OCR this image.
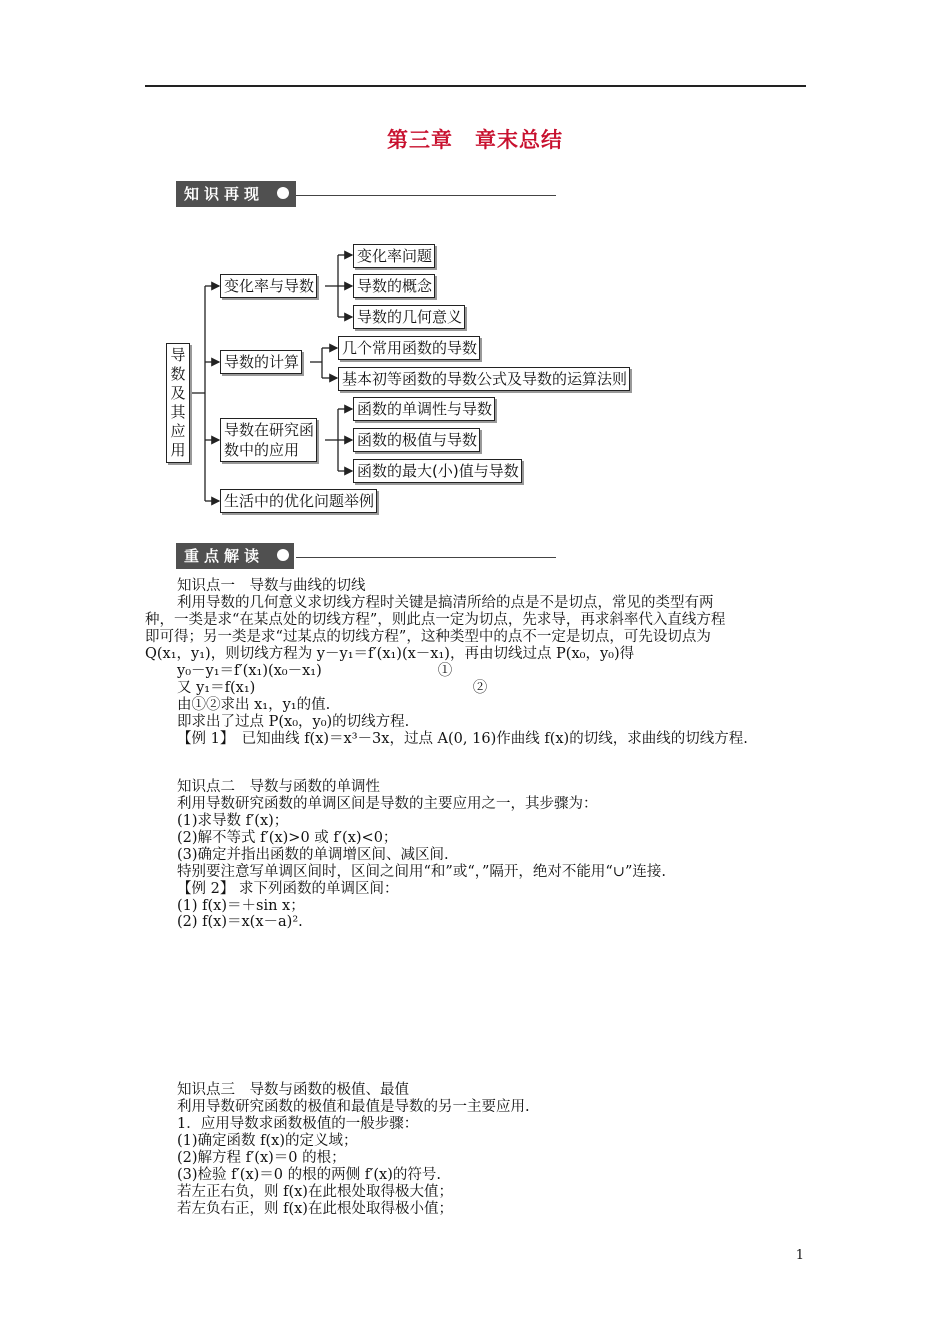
第三章　章末总结
知识再现
导
数
及
其
应
用
变化率与导数
变化率问题
导数的概念
导数的几何意义
导数的计算
几个常用函数的导数
基本初等函数的导数公式及导数的运算法则
导数在研究函
数中的应用
函数的单调性与导数
函数的极值与导数
函数的最大(小)值与导数
生活中的优化问题举例
重点解读
知识点一　导数与曲线的切线
利用导数的几何意义求切线方程时关键是搞清所给的点是不是切点，常见的类型有两
种，一类是求“在某点处的切线方程”，则此点一定为切点，先求导，再求斜率代入直线方程
即可得；另一类是求“过某点的切线方程”，这种类型中的点不一定是切点，可先设切点为
Q(x₁，y₁)，则切线方程为 y－y₁＝f′(x₁)(x－x₁)，再由切线过点 P(x₀，y₀)得
y₀－y₁＝f′(x₁)(x₀－x₁)　　　　　　　　①
又 y₁＝f(x₁)　　　　　　　　　　　　　　　②
由①②求出 x₁，y₁的值.
即求出了过点 P(x₀，y₀)的切线方程.
【例 1】　已知曲线 f(x)＝x³－3x，过点 A(0, 16)作曲线 f(x)的切线，求曲线的切线方程.
知识点二　导数与函数的单调性
利用导数研究函数的单调区间是导数的主要应用之一，其步骤为：
(1)求导数 f′(x)；
(2)解不等式 f′(x)>0 或 f′(x)<0；
(3)确定并指出函数的单调增区间、减区间.
特别要注意写单调区间时，区间之间用“和”或“，”隔开，绝对不能用“∪”连接.
【例 2】 求下列函数的单调区间：
(1) f(x)＝＋sin x；
(2) f(x)＝x(x－a)².
知识点三　导数与函数的极值、最值
利用导数研究函数的极值和最值是导数的另一主要应用.
1．应用导数求函数极值的一般步骤：
(1)确定函数 f(x)的定义域；
(2)解方程 f′(x)＝0 的根；
(3)检验 f′(x)＝0 的根的两侧 f′(x)的符号.
若左正右负，则 f(x)在此根处取得极大值；
若左负右正，则 f(x)在此根处取得极小值；
1
